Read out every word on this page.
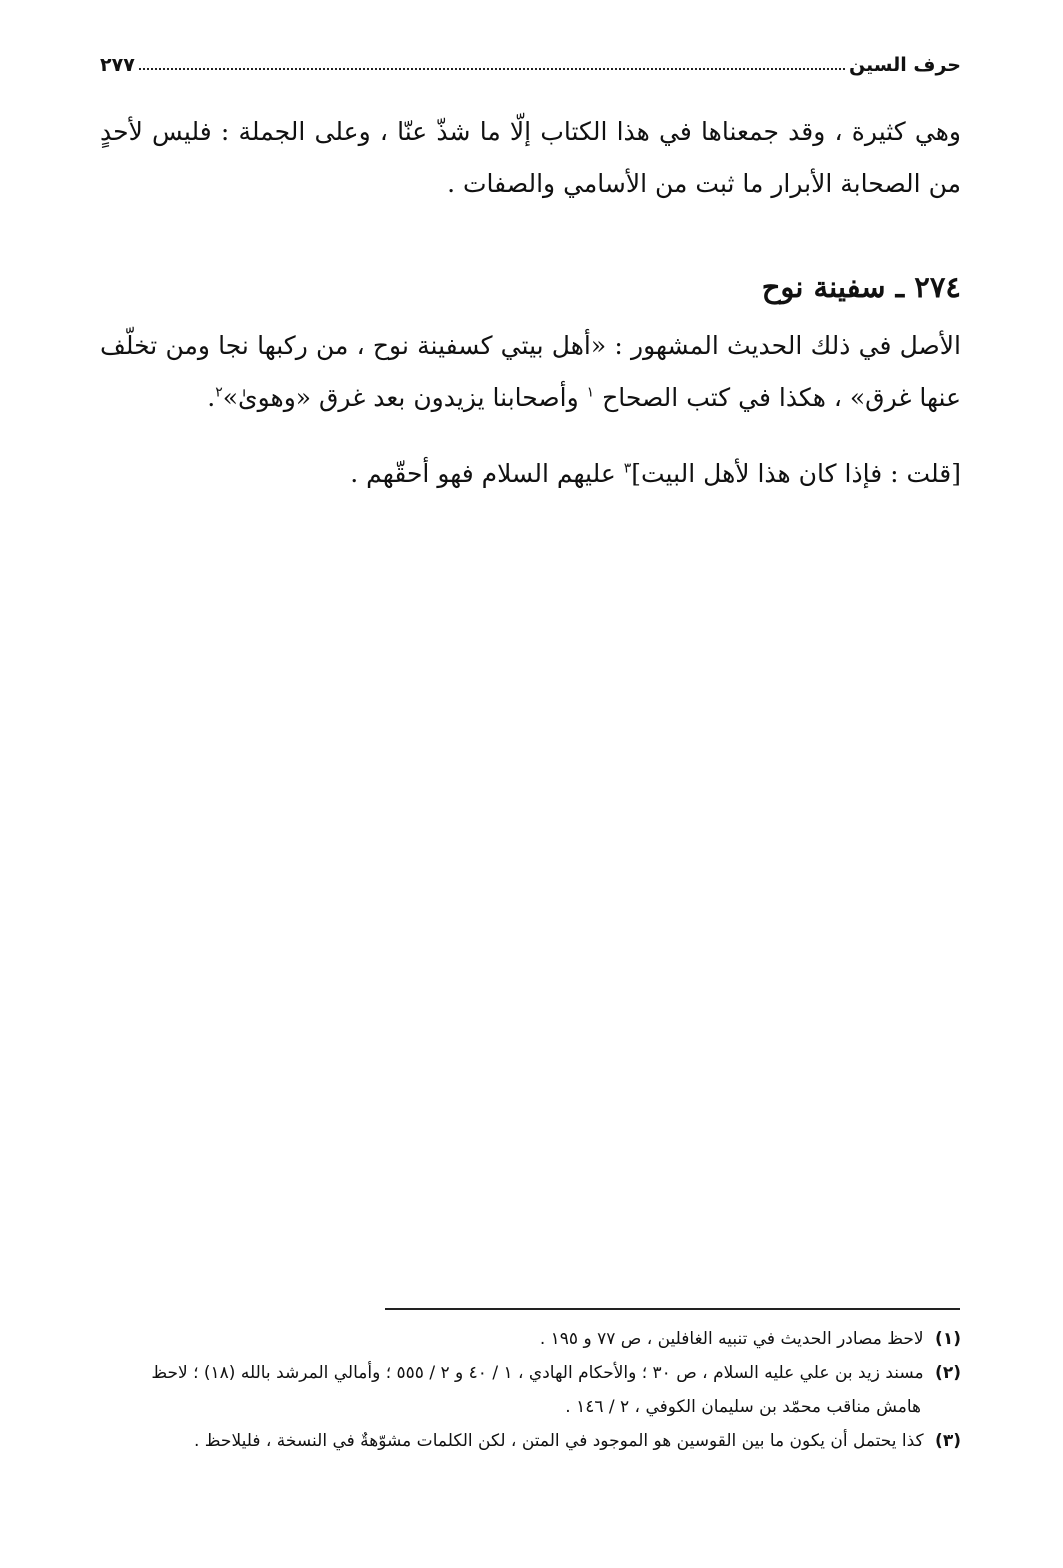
حرف السين
٢٧٧
وهي كثيرة ، وقد جمعناها في هذا الكتاب إلّا ما شذّ عنّا ، وعلى الجملة : فليس لأحدٍ من الصحابة الأبرار ما ثبت من الأسامي والصفات .
٢٧٤ ـ سفينة نوح
الأصل في ذلك الحديث المشهور : «أهل بيتي كسفينة نوح ، من ركبها نجا ومن تخلّف عنها غرق» ، هكذا في كتب الصحاح $^١$ وأصحابنا يزيدون بعد غرق «وهوىٰ»$^٢$.
[قلت : فإذا كان هذا لأهل البيت]$^٣$ عليهم السلام فهو أحقّهم .
(١) لاحظ مصادر الحديث في تنبيه الغافلين ، ص ٧٧ و ١٩٥ .
(٢) مسند زيد بن علي عليه السلام ، ص ٣٠ ؛ والأحكام الهادي ، ١ / ٤٠ و ٢ / ٥٥٥ ؛ وأمالي المرشد بالله (١٨) ؛ لاحظ
هامش مناقب محمّد بن سليمان الكوفي ، ٢ / ١٤٦ .
(٣) كذا يحتمل أن يكون ما بين القوسين هو الموجود في المتن ، لكن الكلمات مشوّهةٌ في النسخة ، فليلاحظ .
